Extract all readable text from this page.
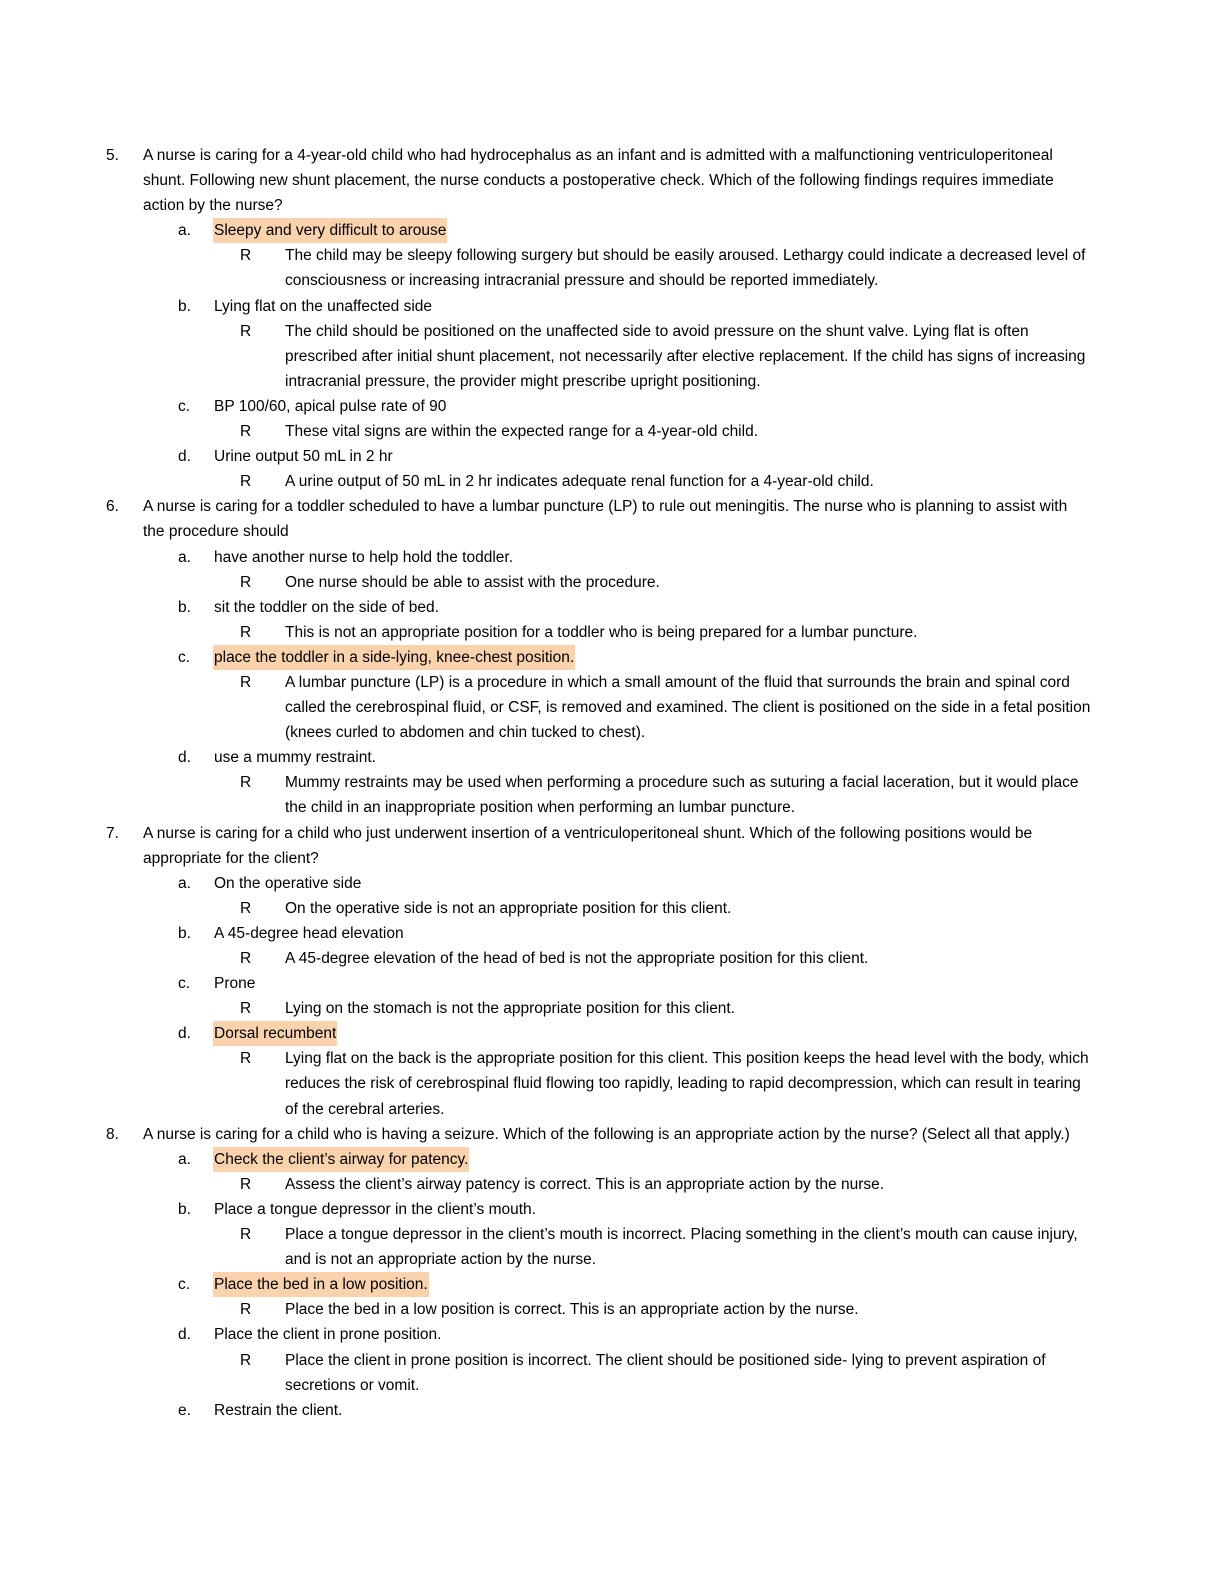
5. A nurse is caring for a 4-year-old child who had hydrocephalus as an infant and is admitted with a malfunctioning ventriculoperitoneal
shunt. Following new shunt placement, the nurse conducts a postoperative check. Which of the following findings requires immediate
action by the nurse?
a. Sleepy and very difficult to arouse
R The child may be sleepy following surgery but should be easily aroused. Lethargy could indicate a decreased level of
consciousness or increasing intracranial pressure and should be reported immediately.
b. Lying flat on the unaffected side
R The child should be positioned on the unaffected side to avoid pressure on the shunt valve. Lying flat is often
prescribed after initial shunt placement, not necessarily after elective replacement. If the child has signs of increasing
intracranial pressure, the provider might prescribe upright positioning.
c. BP 100/60, apical pulse rate of 90
R These vital signs are within the expected range for a 4-year-old child.
d. Urine output 50 mL in 2 hr
R A urine output of 50 mL in 2 hr indicates adequate renal function for a 4-year-old child.
6. A nurse is caring for a toddler scheduled to have a lumbar puncture (LP) to rule out meningitis. The nurse who is planning to assist with
the procedure should
a. have another nurse to help hold the toddler.
R One nurse should be able to assist with the procedure.
b. sit the toddler on the side of bed.
R This is not an appropriate position for a toddler who is being prepared for a lumbar puncture.
c. place the toddler in a side-lying, knee-chest position.
R A lumbar puncture (LP) is a procedure in which a small amount of the fluid that surrounds the brain and spinal cord
called the cerebrospinal fluid, or CSF, is removed and examined. The client is positioned on the side in a fetal position
(knees curled to abdomen and chin tucked to chest).
d. use a mummy restraint.
R Mummy restraints may be used when performing a procedure such as suturing a facial laceration, but it would place
the child in an inappropriate position when performing an lumbar puncture.
7. A nurse is caring for a child who just underwent insertion of a ventriculoperitoneal shunt. Which of the following positions would be
appropriate for the client?
a. On the operative side
R On the operative side is not an appropriate position for this client.
b. A 45-degree head elevation
R A 45-degree elevation of the head of bed is not the appropriate position for this client.
c. Prone
R Lying on the stomach is not the appropriate position for this client.
d. Dorsal recumbent
R Lying flat on the back is the appropriate position for this client. This position keeps the head level with the body, which
reduces the risk of cerebrospinal fluid flowing too rapidly, leading to rapid decompression, which can result in tearing
of the cerebral arteries.
8. A nurse is caring for a child who is having a seizure. Which of the following is an appropriate action by the nurse? (Select all that apply.)
a. Check the client’s airway for patency.
R Assess the client’s airway patency is correct. This is an appropriate action by the nurse.
b. Place a tongue depressor in the client’s mouth.
R Place a tongue depressor in the client’s mouth is incorrect. Placing something in the client’s mouth can cause injury,
and is not an appropriate action by the nurse.
c. Place the bed in a low position.
R Place the bed in a low position is correct. This is an appropriate action by the nurse.
d. Place the client in prone position.
R Place the client in prone position is incorrect. The client should be positioned side- lying to prevent aspiration of
secretions or vomit.
e. Restrain the client.
